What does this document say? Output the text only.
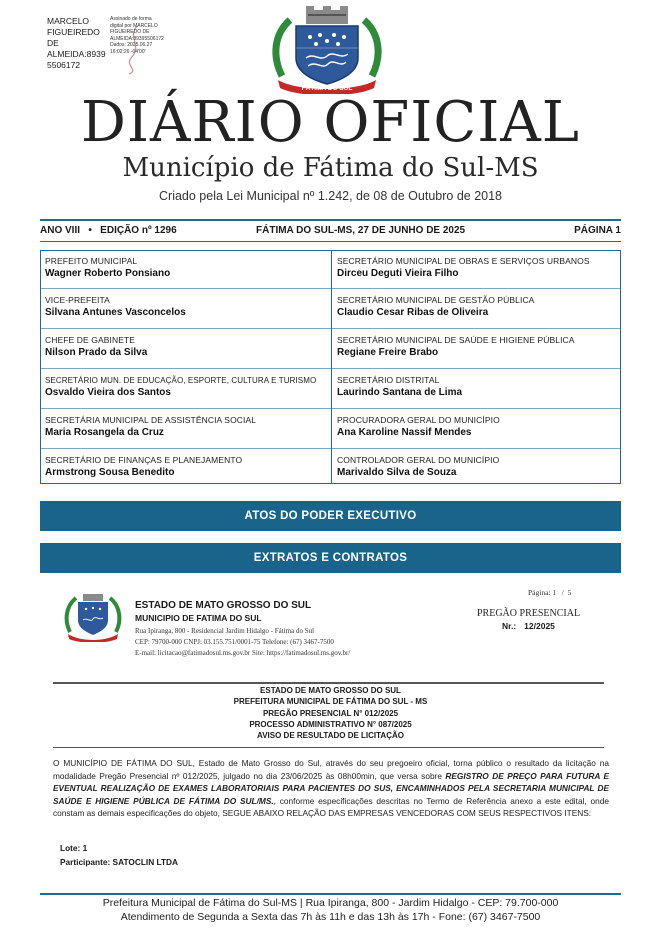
MARCELO
FIGUEIREDO DE
ALMEIDA:8939
5506172
Assinado de forma
digital por MARCELO
FIGUEIREDO DE
ALMEIDA:89395506172
Dados: 2025.06.27
16:02:26 -04'00'
FÁTIMA DO SUL
DIÁRIO OFICIAL
Município de Fátima do Sul-MS
Criado pela Lei Municipal nº 1.242, de 08 de Outubro de 2018
ANO VIII   •   EDIÇÃO nº 1296	FÁTIMA DO SUL-MS, 27 DE JUNHO DE 2025	PÁGINA 1
PREFEITO MUNICIPAL
Wagner Roberto Ponsiano
VICE-PREFEITA
Silvana Antunes Vasconcelos
CHEFE DE GABINETE
Nilson Prado da Silva
SECRETÁRIO MUN. DE EDUCAÇÃO, ESPORTE, CULTURA E TURISMO
Osvaldo Vieira dos Santos
SECRETÁRIA MUNICIPAL DE ASSISTÊNCIA SOCIAL
Maria Rosangela da Cruz
SECRETÁRIO DE FINANÇAS E PLANEJAMENTO
Armstrong Sousa Benedito
SECRETÁRIO MUNICIPAL DE OBRAS E SERVIÇOS URBANOS
Dirceu Deguti Vieira Filho
SECRETÁRIO MUNICIPAL DE GESTÃO PÚBLICA
Claudio Cesar Ribas de Oliveira
SECRETÁRIO MUNICIPAL DE SAÚDE E HIGIENE PÚBLICA
Regiane Freire Brabo
SECRETÁRIO DISTRITAL
Laurindo Santana de Lima
PROCURADORA GERAL DO MUNICÍPIO
Ana Karoline Nassif Mendes
CONTROLADOR GERAL DO MUNICÍPIO
Marivaldo Silva de Souza
ATOS DO PODER EXECUTIVO
EXTRATOS E CONTRATOS
ESTADO DE MATO GROSSO DO SUL
MUNICIPIO DE FATIMA DO SUL
Rua Ipiranga, 800 - Residencial Jardim Hidalgo - Fátima do Sul
CEP: 79700-000 CNPJ: 03.155.751/0001-75 Telefone: (67) 3467-7500
E-mail: licitacao@fatimadosul.ms.gov.br Site: https://fatimadosul.ms.gov.br/
Página: 1   /  5
PREGÃO PRESENCIAL
Nr.: 12/2025
ESTADO DE MATO GROSSO DO SUL
PREFEITURA MUNICIPAL DE FÁTIMA DO SUL - MS
PREGÃO PRESENCIAL N° 012/2025
PROCESSO ADMINISTRATIVO N° 087/2025
AVISO DE RESULTADO DE LICITAÇÃO
O MUNICÍPIO DE FÁTIMA DO SUL, Estado de Mato Grosso do Sul, através do seu pregoeiro oficial, torna público o resultado da licitação na modalidade Pregão Presencial nº 012/2025, julgado no dia 23/06/2025 às 08h00min, que versa sobre REGISTRO DE PREÇO PARA FUTURA E EVENTUAL REALIZAÇÃO DE EXAMES LABORATORIAIS PARA PACIENTES DO SUS, ENCAMINHADOS PELA SECRETARIA MUNICIPAL DE SAÚDE E HIGIENE PÚBLICA DE FÁTIMA DO SUL/MS., conforme especificações descritas no Termo de Referência anexo a este edital, onde constam as demais especificações do objeto, SEGUE ABAIXO RELAÇÃO DAS EMPRESAS VENCEDORAS COM SEUS RESPECTIVOS ITENS:
Lote: 1
Participante: SATOCLIN LTDA
Prefeitura Municipal de Fátima do Sul-MS | Rua Ipiranga, 800 - Jardim Hidalgo - CEP: 79.700-000
Atendimento de Segunda a Sexta das 7h às 11h e das 13h às 17h - Fone: (67) 3467-7500
